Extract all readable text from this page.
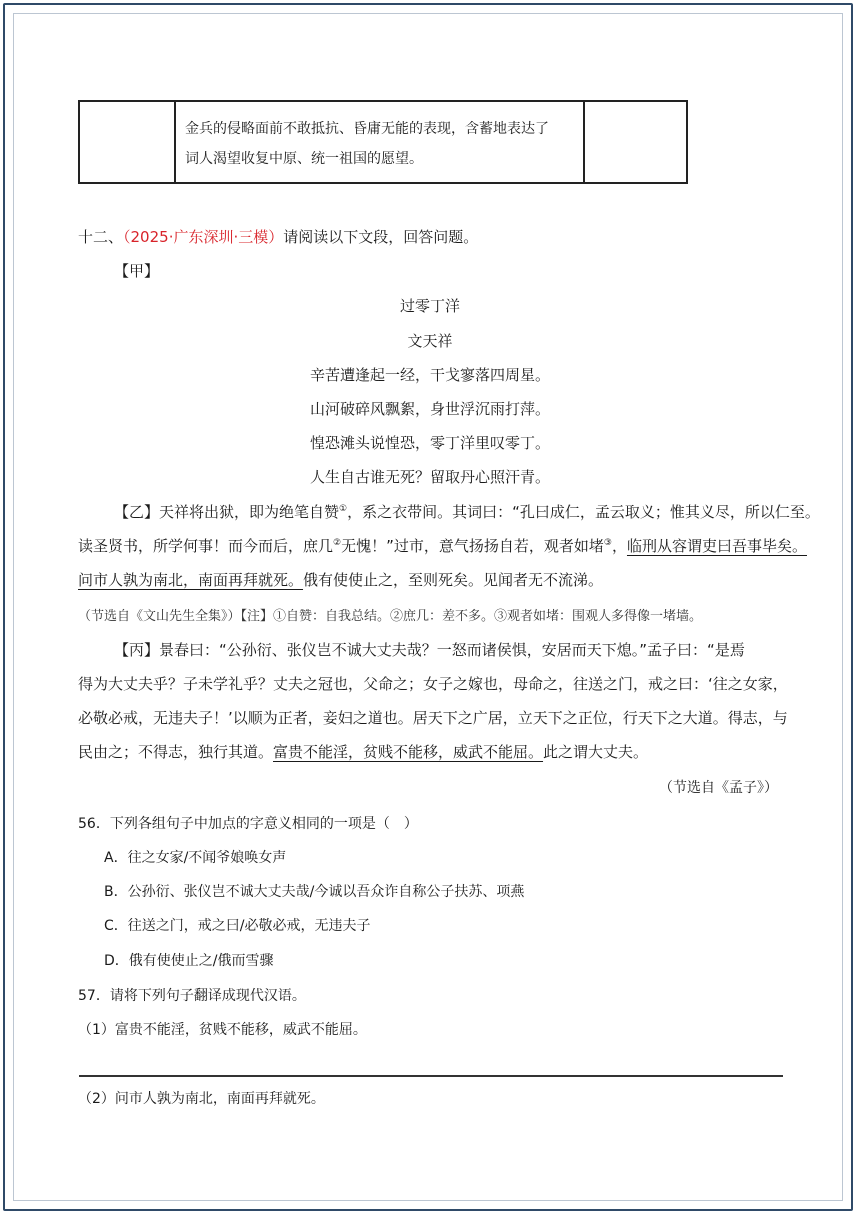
金兵的侵略面前不敢抵抗、昏庸无能的表现，含蓄地表达了
词人渴望收复中原、统一祖国的愿望。
十二、（2025·广东深圳·三模）请阅读以下文段，回答问题。
【甲】
过零丁洋
文天祥
辛苦遭逢起一经，干戈寥落四周星。
山河破碎风飘絮，身世浮沉雨打萍。
惶恐滩头说惶恐，零丁洋里叹零丁。
人生自古谁无死？留取丹心照汗青。
【乙】天祥将出狱，即为绝笔自赞①，系之衣带间。其词曰：“孔曰成仁，孟云取义；惟其义尽，所以仁至。
读圣贤书，所学何事！而今而后，庶几②无愧！”过市，意气扬扬自若，观者如堵③，临刑从容谓吏曰吾事毕矣。
问市人孰为南北，南面再拜就死。俄有使使止之，至则死矣。见闻者无不流涕。
（节选自《文山先生全集》）【注】①自赞：自我总结。②庶几：差不多。③观者如堵：围观人多得像一堵墙。
【丙】景春曰：“公孙衍、张仪岂不诚大丈夫哉？一怒而诸侯惧，安居而天下熄。”孟子曰：“是焉
得为大丈夫乎？子未学礼乎？丈夫之冠也，父命之；女子之嫁也，母命之，往送之门，戒之曰：‘往之女家，
必敬必戒，无违夫子！’以顺为正者，妾妇之道也。居天下之广居，立天下之正位，行天下之大道。得志，与
民由之；不得志，独行其道。富贵不能淫，贫贱不能移，威武不能屈。此之谓大丈夫。
（节选自《孟子》）
56．下列各组句子中加点的字意义相同的一项是（　）
A．往之女家/不闻爷娘唤女声
B．公孙衍、张仪岂不诚大丈夫哉/今诚以吾众诈自称公子扶苏、项燕
C．往送之门，戒之曰/必敬必戒，无违夫子
D．俄有使使止之/俄而雪骤
57．请将下列句子翻译成现代汉语。
（1）富贵不能淫，贫贱不能移，威武不能屈。
（2）问市人孰为南北，南面再拜就死。
